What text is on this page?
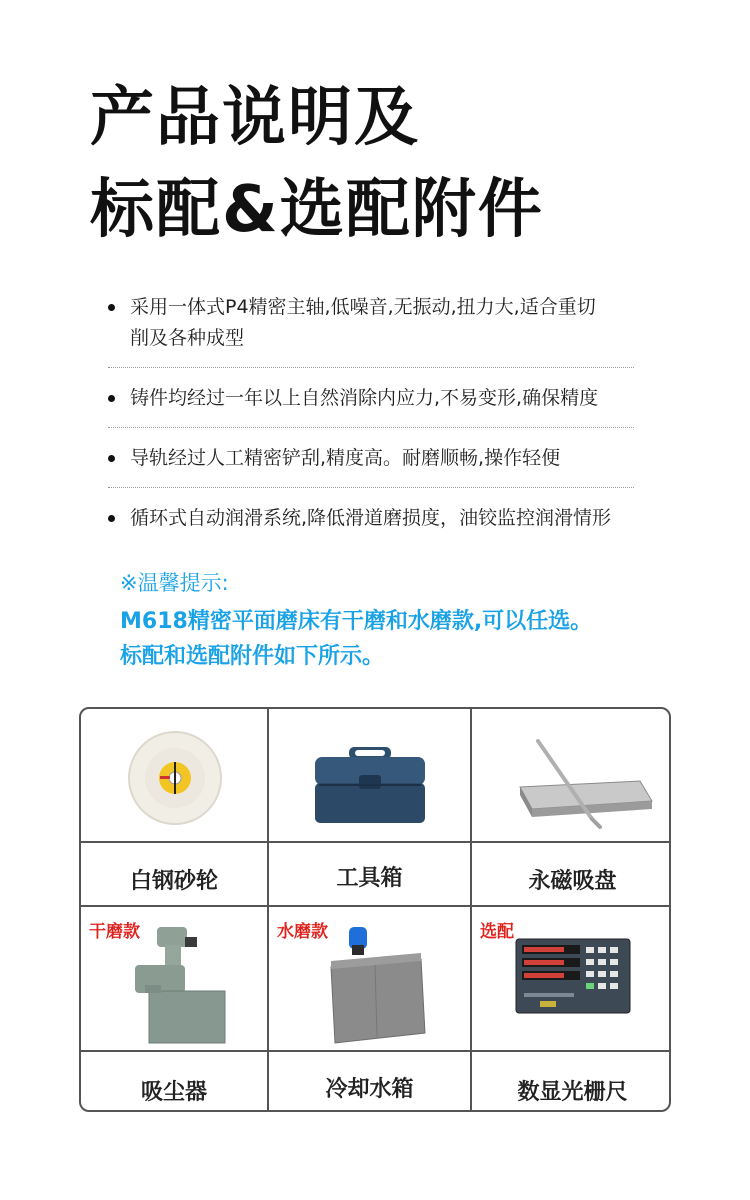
产品说明及
标配&选配附件
采用一体式P4精密主轴,低噪音,无振动,扭力大,适合重切
削及各种成型
铸件均经过一年以上自然消除内应力,不易变形,确保精度
导轨经过人工精密铲刮,精度高。耐磨顺畅,操作轻便
循环式自动润滑系统,降低滑道磨损度，油铰监控润滑情形
※温馨提示:
M618精密平面磨床有干磨和水磨款,可以任选。
标配和选配附件如下所示。
白钢砂轮	工具箱	永磁吸盘
干磨款	水磨款	选配
吸尘器	冷却水箱	数显光栅尺
